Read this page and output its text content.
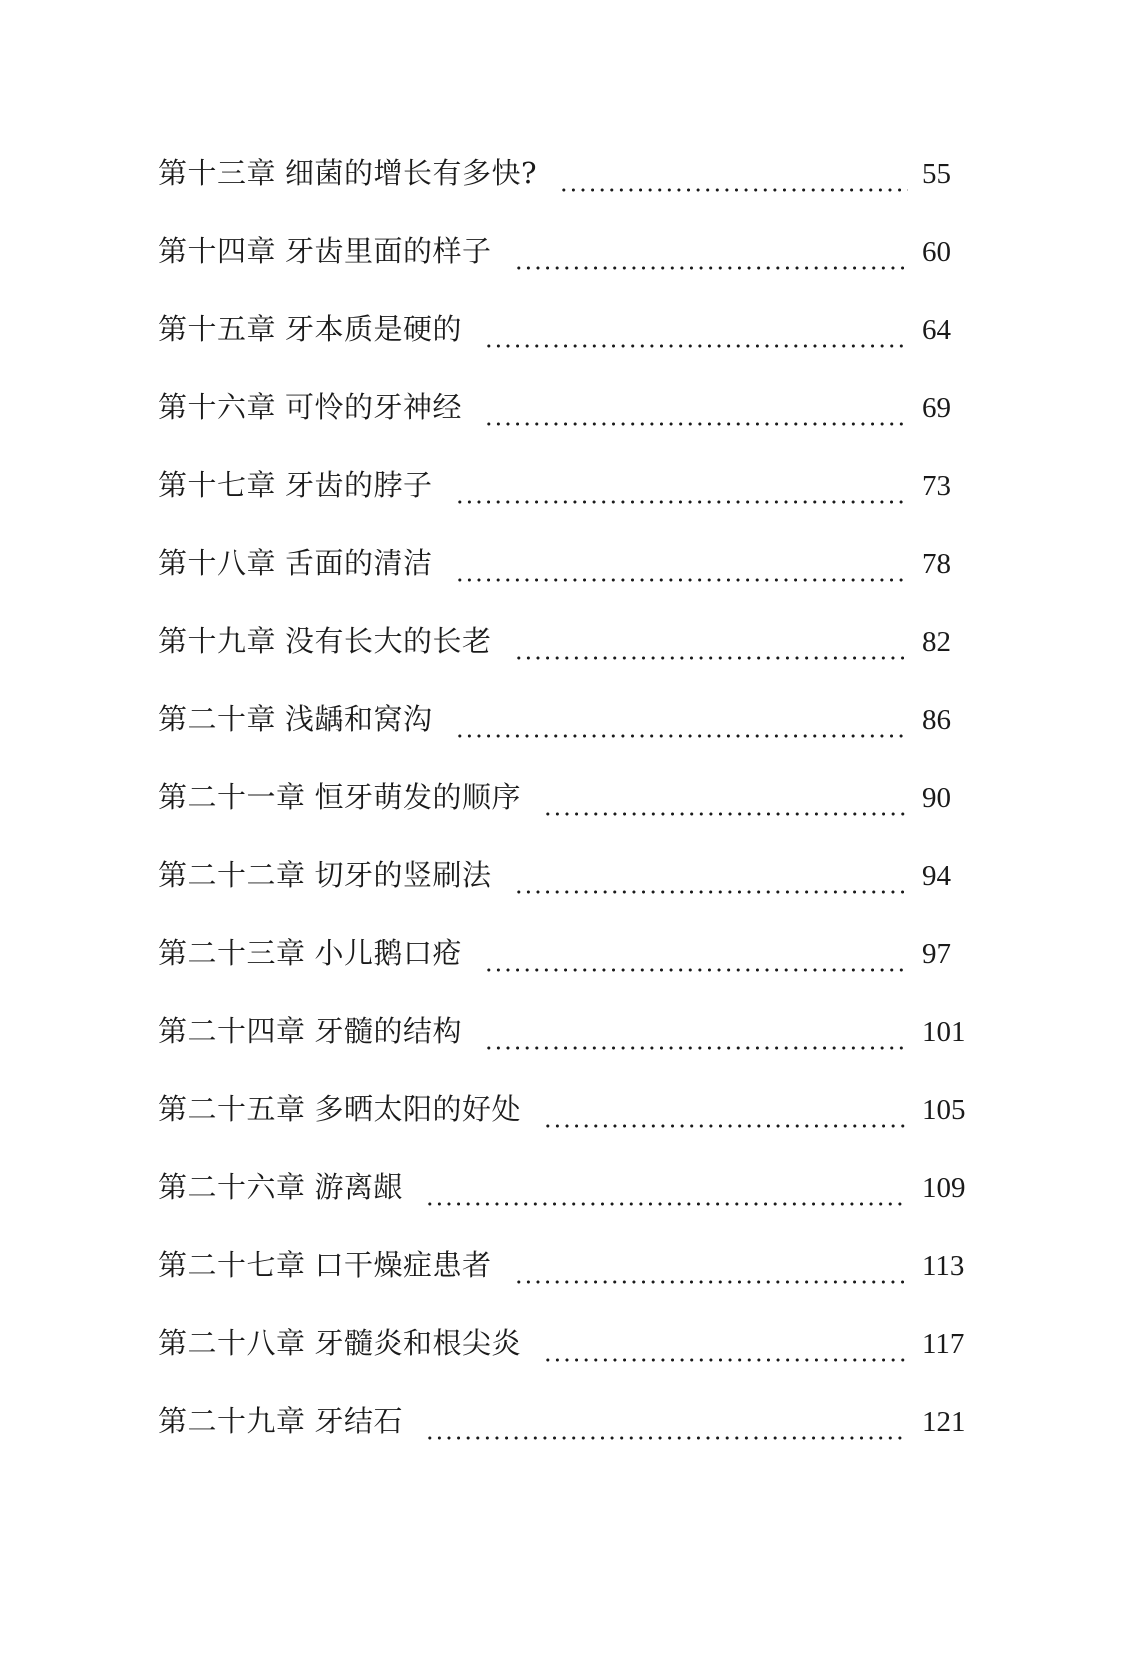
第十三章 细菌的增长有多快?	55
第十四章 牙齿里面的样子	60
第十五章 牙本质是硬的	64
第十六章 可怜的牙神经	69
第十七章 牙齿的脖子	73
第十八章 舌面的清洁	78
第十九章 没有长大的长老	82
第二十章 浅龋和窝沟	86
第二十一章 恒牙萌发的顺序	90
第二十二章 切牙的竖刷法	94
第二十三章 小儿鹅口疮	97
第二十四章 牙髓的结构	101
第二十五章 多晒太阳的好处	105
第二十六章 游离龈	109
第二十七章 口干燥症患者	113
第二十八章 牙髓炎和根尖炎	117
第二十九章 牙结石	121
